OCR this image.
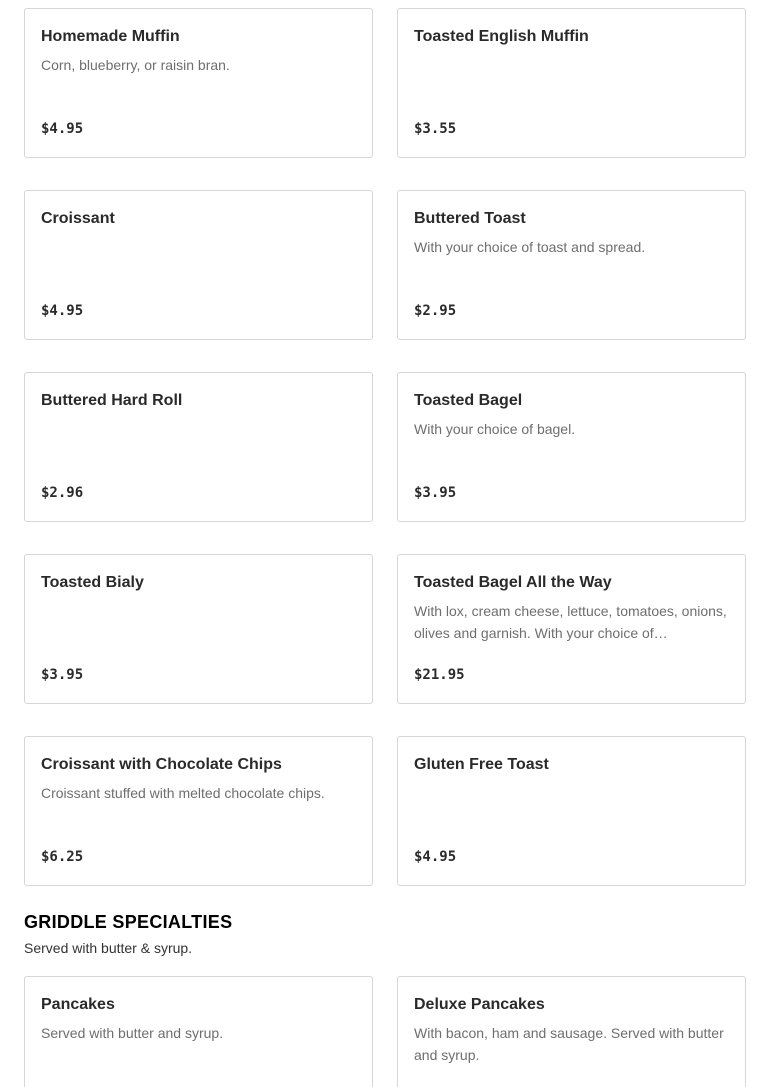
Homemade Muffin
Corn, blueberry, or raisin bran.
$4.95
Toasted English Muffin
$3.55
Croissant
$4.95
Buttered Toast
With your choice of toast and spread.
$2.95
Buttered Hard Roll
$2.96
Toasted Bagel
With your choice of bagel.
$3.95
Toasted Bialy
$3.95
Toasted Bagel All the Way
With lox, cream cheese, lettuce, tomatoes, onions, olives and garnish. With your choice of…
$21.95
Croissant with Chocolate Chips
Croissant stuffed with melted chocolate chips.
$6.25
Gluten Free Toast
$4.95
GRIDDLE SPECIALTIES
Served with butter & syrup.
Pancakes
Served with butter and syrup.
Deluxe Pancakes
With bacon, ham and sausage. Served with butter and syrup.
